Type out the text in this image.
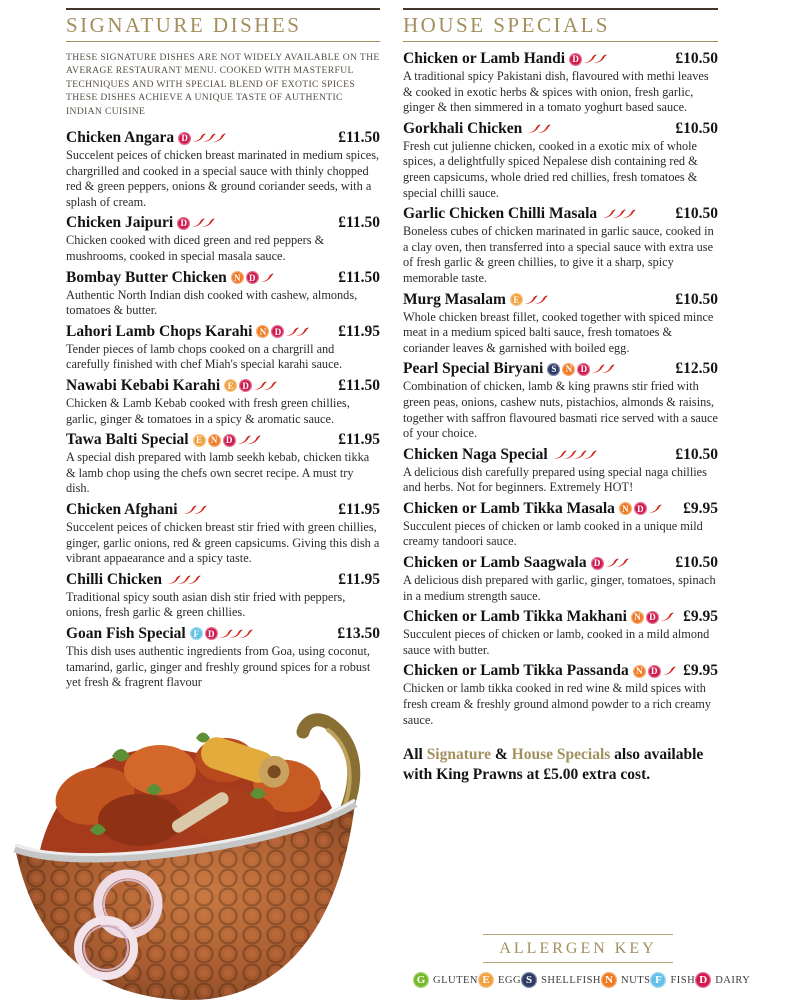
SIGNATURE DISHES

THESE SIGNATURE DISHES ARE NOT WIDELY AVAILABLE ON THE AVERAGE RESTAURANT MENU. COOKED WITH MASTERFUL TECHNIQUES AND WITH SPECIAL BLEND OF EXOTIC SPICES THESE DISHES ACHIEVE A UNIQUE TASTE OF AUTHENTIC INDIAN CUISINE

Chicken Angara D	£11.50

Succelent peices of chicken breast marinated in medium spices, chargrilled and cooked in a special sauce with thinly chopped red & green peppers, onions & ground coriander seeds, with a splash of cream.

Chicken Jaipuri D	£11.50

Chicken cooked with diced green and red peppers & mushrooms, cooked in special masala sauce.

Bombay Butter Chicken N D	£11.50

Authentic North Indian dish cooked with cashew, almonds, tomatoes & butter.

Lahori Lamb Chops Karahi N D	£11.95

Tender pieces of lamb chops cooked on a chargrill and carefully finished with chef Miah's special karahi sauce.

Nawabi Kebabi Karahi E D	£11.50

Chicken & Lamb Kebab cooked with fresh green chillies, garlic, ginger & tomatoes in a spicy & aromatic sauce.

Tawa Balti Special E N D	£11.95

A special dish prepared with lamb seekh kebab, chicken tikka & lamb chop using the chefs own secret recipe. A must try dish.

Chicken Afghani	£11.95

Succelent peices of chicken breast stir fried with green chillies, ginger, garlic onions, red & green capsicums. Giving this dish a vibrant appaearance and a spicy taste.

Chilli Chicken	£11.95

Traditional spicy south asian dish stir fried with peppers, onions, fresh garlic & green chillies.

Goan Fish Special F	D	£13.50

This dish uses authentic ingredients from Goa, using coconut, tamarind, garlic, ginger and freshly ground spices for a robust yet fresh & fragrent flavour

HOUSE SPECIALS
Chicken or Lamb Handi D	£10.50

A traditional spicy Pakistani dish, flavoured with methi leaves & cooked in exotic herbs & spices with onion, fresh garlic, ginger & then simmered in a tomato yoghurt based sauce.

Gorkhali Chicken	£10.50

Fresh cut julienne chicken, cooked in a exotic mix of whole spices, a delightfully spiced Nepalese dish containing red & green capsicums, whole dried red chillies, fresh tomatoes & special chilli sauce.

Garlic Chicken Chilli Masala	£10.50

Boneless cubes of chicken marinated in garlic sauce, cooked in a clay oven, then transferred into a special sauce with extra use of fresh garlic & green chillies, to give it a sharp, spicy memorable taste.

Murg Masalam E	£10.50

Whole chicken breast fillet, cooked together with spiced mince meat in a medium spiced balti sauce, fresh tomatoes & coriander leaves & garnished with boiled egg.

Pearl Special Biryani S	N D	£12.50

Combination of chicken, lamb & king prawns stir fried with green peas, onions, cashew nuts, pistachios, almonds & raisins, together with saffron flavoured basmati rice served with a sauce of your choice.

Chicken Naga Special	£10.50

A delicious dish carefully prepared using special naga chillies and herbs. Not for beginners. Extremely HOT!

Chicken or Lamb Tikka Masala N D	£9.95

Succulent pieces of chicken or lamb cooked in a unique mild creamy tandoori sauce.

Chicken or Lamb Saagwala D	£10.50

A delicious dish prepared with garlic, ginger, tomatoes, spinach in a medium strength sauce.

Chicken or Lamb Tikka Makhani N D	£9.95

Succulent pieces of chicken or lamb, cooked in a mild almond sauce with butter.

Chicken or Lamb Tikka Passanda N D	£9.95

Chicken or lamb tikka cooked in red wine & mild spices with fresh cream & freshly ground almond powder to a rich creamy sauce.

All Signature & House Specials also available with King Prawns at £5.00 extra cost.

ALLERGEN KEY
G GLUTEN E EGG S SHELLFISH N NUTS F FISH D DAIRY
